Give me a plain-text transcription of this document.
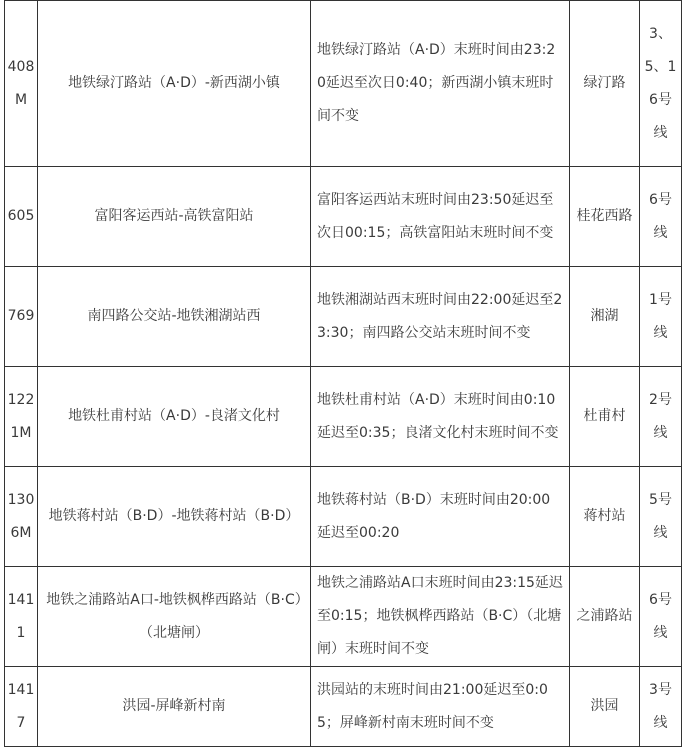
408M	地铁绿汀路站（A·D）-新西湖小镇	地铁绿汀路站（A·D）末班时间由23:20延迟至次日0:40；新西湖小镇末班时间不变	绿汀路	3、5、16号线
605	富阳客运西站-高铁富阳站	富阳客运西站末班时间由23:50延迟至次日00:15；高铁富阳站末班时间不变	桂花西路	6号线
769	南四路公交站-地铁湘湖站西	地铁湘湖站西末班时间由22:00延迟至23:30；南四路公交站末班时间不变	湘湖	1号线
1221M	地铁杜甫村站（A·D）-良渚文化村	地铁杜甫村站（A·D）末班时间由0:10延迟至0:35；良渚文化村末班时间不变	杜甫村	2号线
1306M	地铁蒋村站（B·D）-地铁蒋村站（B·D）	地铁蒋村站（B·D）末班时间由20:00延迟至00:20	蒋村站	5号线
1411	地铁之浦路站A口-地铁枫桦西路站（B·C）（北塘闸）	地铁之浦路站A口末班时间由23:15延迟至0:15；地铁枫桦西路站（B·C）（北塘闸）末班时间不变	之浦路站	6号线
1417	洪园-屏峰新村南	洪园站的末班时间由21:00延迟至0:05；屏峰新村南末班时间不变	洪园	3号线
